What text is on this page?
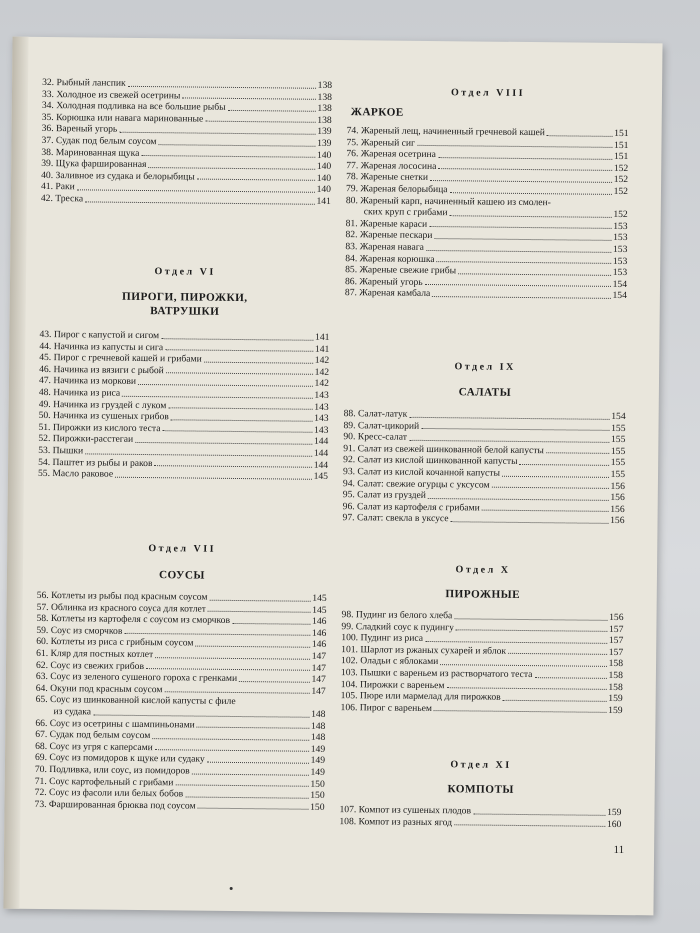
32. Рыбный ланспик	138
33. Холодное из свежей осетрины	138
34. Холодная подливка на все большие рыбы	138
35. Корюшка или навага маринованные	138
36. Вареный угорь	139
37. Судак под белым соусом	139
38. Маринованная щука	140
39. Щука фаршированная	140
40. Заливное из судака и белорыбицы	140
41. Раки	140
42. Треска	141
Отдел VI
ПИРОГИ, ПИРОЖКИ,
ВАТРУШКИ
43. Пирог с капустой и сигом	141
44. Начинка из капусты и сига	141
45. Пирог с гречневой кашей и грибами	142
46. Начинка из вязиги с рыбой	142
47. Начинка из моркови	142
48. Начинка из риса	143
49. Начинка из груздей с луком	143
50. Начинка из сушеных грибов	143
51. Пирожки из кислого теста	143
52. Пирожки-расстегаи	144
53. Пышки	144
54. Паштет из рыбы и раков	144
55. Масло раковое	145
Отдел VII
СОУСЫ
56. Котлеты из рыбы под красным соусом	145
57. Облинка из красного соуса для котлет	145
58. Котлеты из картофеля с соусом из сморчков	146
59. Соус из сморчков	146
60. Котлеты из риса с грибным соусом	146
61. Кляр для постных котлет	147
62. Соус из свежих грибов	147
63. Соус из зеленого сушеного гороха с гренками	147
64. Окуни под красным соусом	147
65. Соус из шинкованной кислой капусты с филе
из судака	148
66. Соус из осетрины с шампиньонами	148
67. Судак под белым соусом	148
68. Соус из угря с каперсами	149
69. Соус из помидоров к щуке или судаку	149
70. Подливка, или соус, из помидоров	149
71. Соус картофельный с грибами	150
72. Соус из фасоли или белых бобов	150
73. Фаршированная брюква под соусом	150
Отдел VIII
ЖАРКОЕ
74. Жареный лещ, начиненный гречневой кашей	151
75. Жареный сиг	151
76. Жареная осетрина	151
77. Жареная лососина	152
78. Жареные снетки	152
79. Жареная белорыбица	152
80. Жареный карп, начиненный кашею из смолен-
ских круп с грибами	152
81. Жареные караси	153
82. Жареные пескари	153
83. Жареная навага	153
84. Жареная корюшка	153
85. Жареные свежие грибы	153
86. Жареный угорь	154
87. Жареная камбала	154
Отдел IX
САЛАТЫ
88. Салат-латук	154
89. Салат-цикорий	155
90. Кресс-салат	155
91. Салат из свежей шинкованной белой капусты	155
92. Салат из кислой шинкованной капусты	155
93. Салат из кислой кочанной капусты	155
94. Салат: свежие огурцы с уксусом	156
95. Салат из груздей	156
96. Салат из картофеля с грибами	156
97. Салат: свекла в уксусе	156
Отдел X
ПИРОЖНЫЕ
98. Пудинг из белого хлеба	156
99. Сладкий соус к пудингу	157
100. Пудинг из риса	157
101. Шарлот из ржаных сухарей и яблок	157
102. Оладьи с яблоками	158
103. Пышки с вареньем из растворчатого теста	158
104. Пирожки с вареньем	158
105. Пюре или мармелад для пирожков	159
106. Пирог с вареньем	159
Отдел XI
КОМПОТЫ
107. Компот из сушеных плодов	159
108. Компот из разных ягод	160
11
